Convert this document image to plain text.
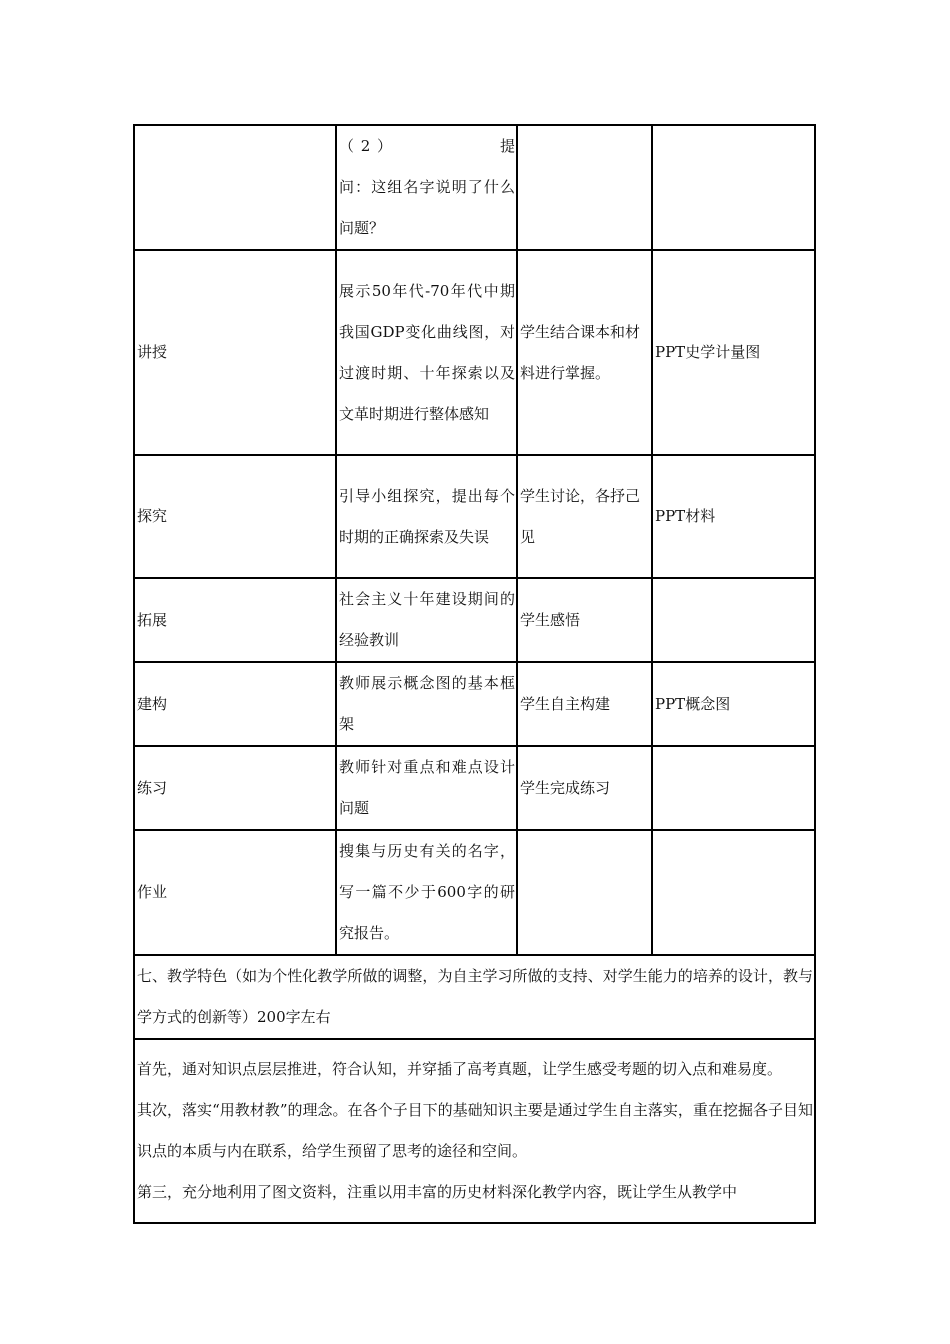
	（2）　　　　　提
问：这组名字说明了什么问题？		
讲授	展示50年代-70年代中期我国GDP变化曲线图，对过渡时期、十年探索以及文革时期进行整体感知	学生结合课本和材料进行掌握。	PPT史学计量图
探究	引导小组探究，提出每个时期的正确探索及失误	学生讨论，各抒己见	PPT材料
拓展	社会主义十年建设期间的经验教训	学生感悟	
建构	教师展示概念图的基本框架	学生自主构建	PPT概念图
练习	教师针对重点和难点设计问题	学生完成练习	
作业	搜集与历史有关的名字，写一篇不少于600字的研究报告。		
七、教学特色（如为个性化教学所做的调整，为自主学习所做的支持、对学生能力的培养的设计，教与学方式的创新等）200字左右			

首先，通对知识点层层推进，符合认知，并穿插了高考真题，让学生感受考题的切入点和难易度。
其次，落实“用教材教”的理念。在各个子目下的基础知识主要是通过学生自主落实，重在挖掘各子目知识点的本质与内在联系，给学生预留了思考的途径和空间。
第三，充分地利用了图文资料，注重以用丰富的历史材料深化教学内容，既让学生从教学中			
